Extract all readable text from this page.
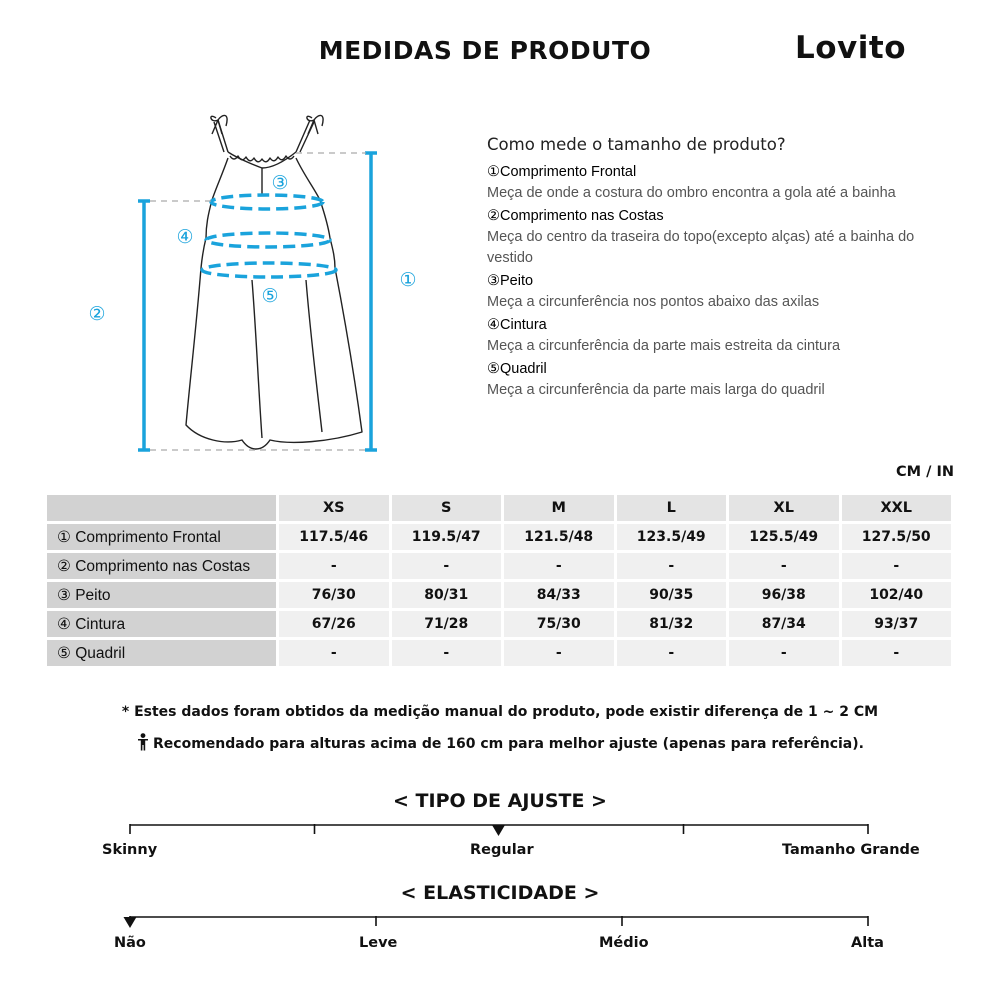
MEDIDAS DE PRODUTO	Lovito
①
②
③
④
⑤
Como mede o tamanho de produto?
①Comprimento Frontal
Meça de onde a costura do ombro encontra a gola até a bainha
②Comprimento nas Costas
Meça do centro da traseira do topo(excepto alças) até a bainha do vestido
③Peito
Meça a circunferência nos pontos abaixo das axilas
④Cintura
Meça a circunferência da parte mais estreita da cintura
⑤Quadril
Meça a circunferência da parte mais larga do quadril
CM / IN
	XS	S	M	L	XL	XXL
① Comprimento Frontal	117.5/46	119.5/47	121.5/48	123.5/49	125.5/49	127.5/50
② Comprimento nas Costas	-	-	-	-	-	-
③ Peito	76/30	80/31	84/33	90/35	96/38	102/40
④ Cintura	67/26	71/28	75/30	81/32	87/34	93/37
⑤ Quadril	-	-	-	-	-	-
* Estes dados foram obtidos da medição manual do produto, pode existir diferença de 1 ~ 2 CM
Recomendado para alturas acima de 160 cm para melhor ajuste (apenas para referência).
< TIPO DE AJUSTE >
Skinny	Regular	Tamanho Grande
< ELASTICIDADE >
Não	Leve	Médio	Alta
